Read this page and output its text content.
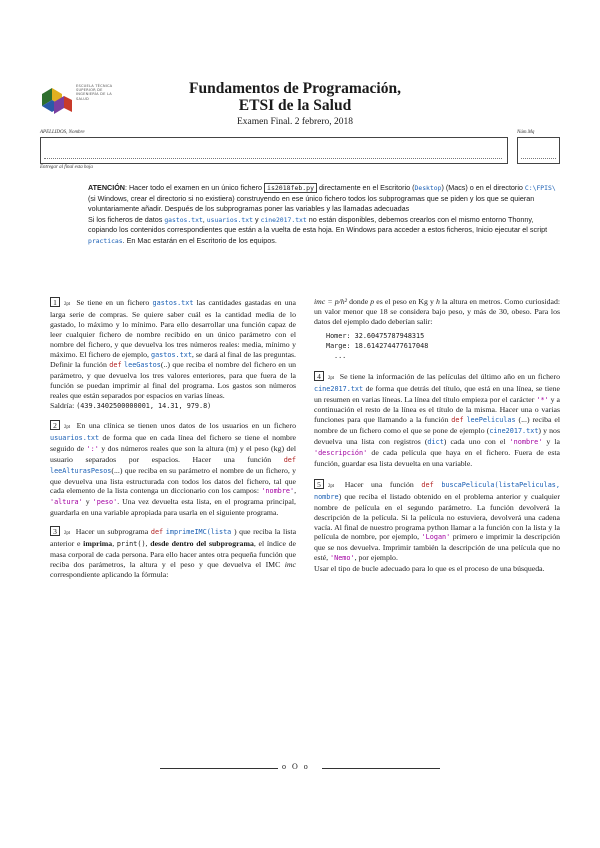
ESCUELA TÉCNICA SUPERIOR DE INGENIERÍA DE LA SALUD
Fundamentos de Programación,
ETSI de la Salud
Examen Final. 2 febrero, 2018
APELLIDOS, Nombre	Núm.Mq
Entregar al final esta hoja
ATENCIÓN: Hacer todo el examen en un único fichero is2018feb.py directamente en el Escritorio (Desktop) (Macs) o en el directorio C:\FPIS\ (si Windows, crear el directorio si no existiera) construyendo en ese único fichero todos los subprogramas que se piden y los que se quieran voluntariamente añadir. Después de los subprogramas poner las variables y las llamadas adecuadas
Si los ficheros de datos gastos.txt, usuarios.txt y cine2017.txt no están disponibles, debemos crearlos con el mismo entorno Thonny, copiando los contenidos correspondientes que están a la vuelta de esta hoja. En Windows para acceder a estos ficheros, Inicio ejecutar el script practicas. En Mac estarán en el Escritorio de los equipos.
1 2pt Se tiene en un fichero gastos.txt las cantidades gastadas en una larga serie de compras. Se quiere saber cuál es la cantidad media de lo gastado, lo máximo y lo mínimo. Para ello desarrollar una función capaz de leer cualquier fichero de nombre recibido en un único parámetro con el nombre del fichero, y que devuelva los tres números reales: media, mínimo y máximo. El fichero de ejemplo, gastos.txt, se dará al final de las preguntas. Definir la función def leeGastos(..) que reciba el nombre del fichero en un parámetro, y que devuelva los tres valores enteriores, para que fuera de la función se puedan imprimir al final del programa. Los gastos son números reales que están separados por espacios en varias líneas.
Saldría: (439.3402500000001, 14.31, 979.8)
2 2pt En una clínica se tienen unos datos de los usuarios en un fichero usuarios.txt de forma que en cada línea del fichero se tiene el nombre seguido de ':' y dos números reales que son la altura (m) y el peso (kg) del usuario separados por espacios. Hacer una función def leeAlturasPesos(...) que reciba en su parámetro el nombre de un fichero, y que devuelva una lista estructurada con todos los datos del fichero, tal que cada elemento de la lista contenga un diccionario con los campos: 'nombre', 'altura' y 'peso'. Una vez devuelta esta lista, en el programa principal, guardarla en una variable apropiada para usarla en el siguiente programa.
3 2pt Hacer un subprograma def imprimeIMC(lista ) que reciba la lista anterior e imprima, print(), desde dentro del subprograma, el índice de masa corporal de cada persona. Para ello hacer antes otra pequeña función que reciba dos parámetros, la altura y el peso y que devuelva el IMC imc correspondiente aplicando la fórmula:
imc = p/h² donde p es el peso en Kg y h la altura en metros. Como curiosidad: un valor menor que 18 se considera bajo peso, y más de 30, obeso. Para los datos del ejemplo dado deberían salir:
Homer: 32.60475787948315
Marge: 18.614274477617048
...
4 2pt Se tiene la información de las películas del último año en un fichero cine2017.txt de forma que detrás del título, que está en una línea, se tiene un resumen en varias líneas. La línea del título empieza por el carácter '*' y a continuación el resto de la línea es el título de la misma. Hacer una o varias funciones para que llamando a la función def leePeliculas (...) reciba el nombre de un fichero como el que se pone de ejemplo (cine2017.txt) y nos devuelva una lista con registros (dict) cada uno con el 'nombre' y la 'descripción' de cada película que haya en el fichero. Fuera de esta función, guardar esa lista devuelta en una variable.
5 2pt Hacer una función def buscaPelicula(listaPeliculas, nombre) que reciba el listado obtenido en el problema anterior y cualquier nombre de película en el segundo parámetro. La función devolverá la descripción de la película. Si la película no estuviera, devolverá una cadena vacía. Al final de nuestro programa python llamar a la función con la lista y la película de nombre, por ejemplo, 'Logan' primero e imprimir la descripción que se nos devuelva. Imprimir también la descripción de una película que no esté, 'Nemo', por ejemplo.
Usar el tipo de bucle adecuado para lo que es el proceso de una búsqueda.
o O o
